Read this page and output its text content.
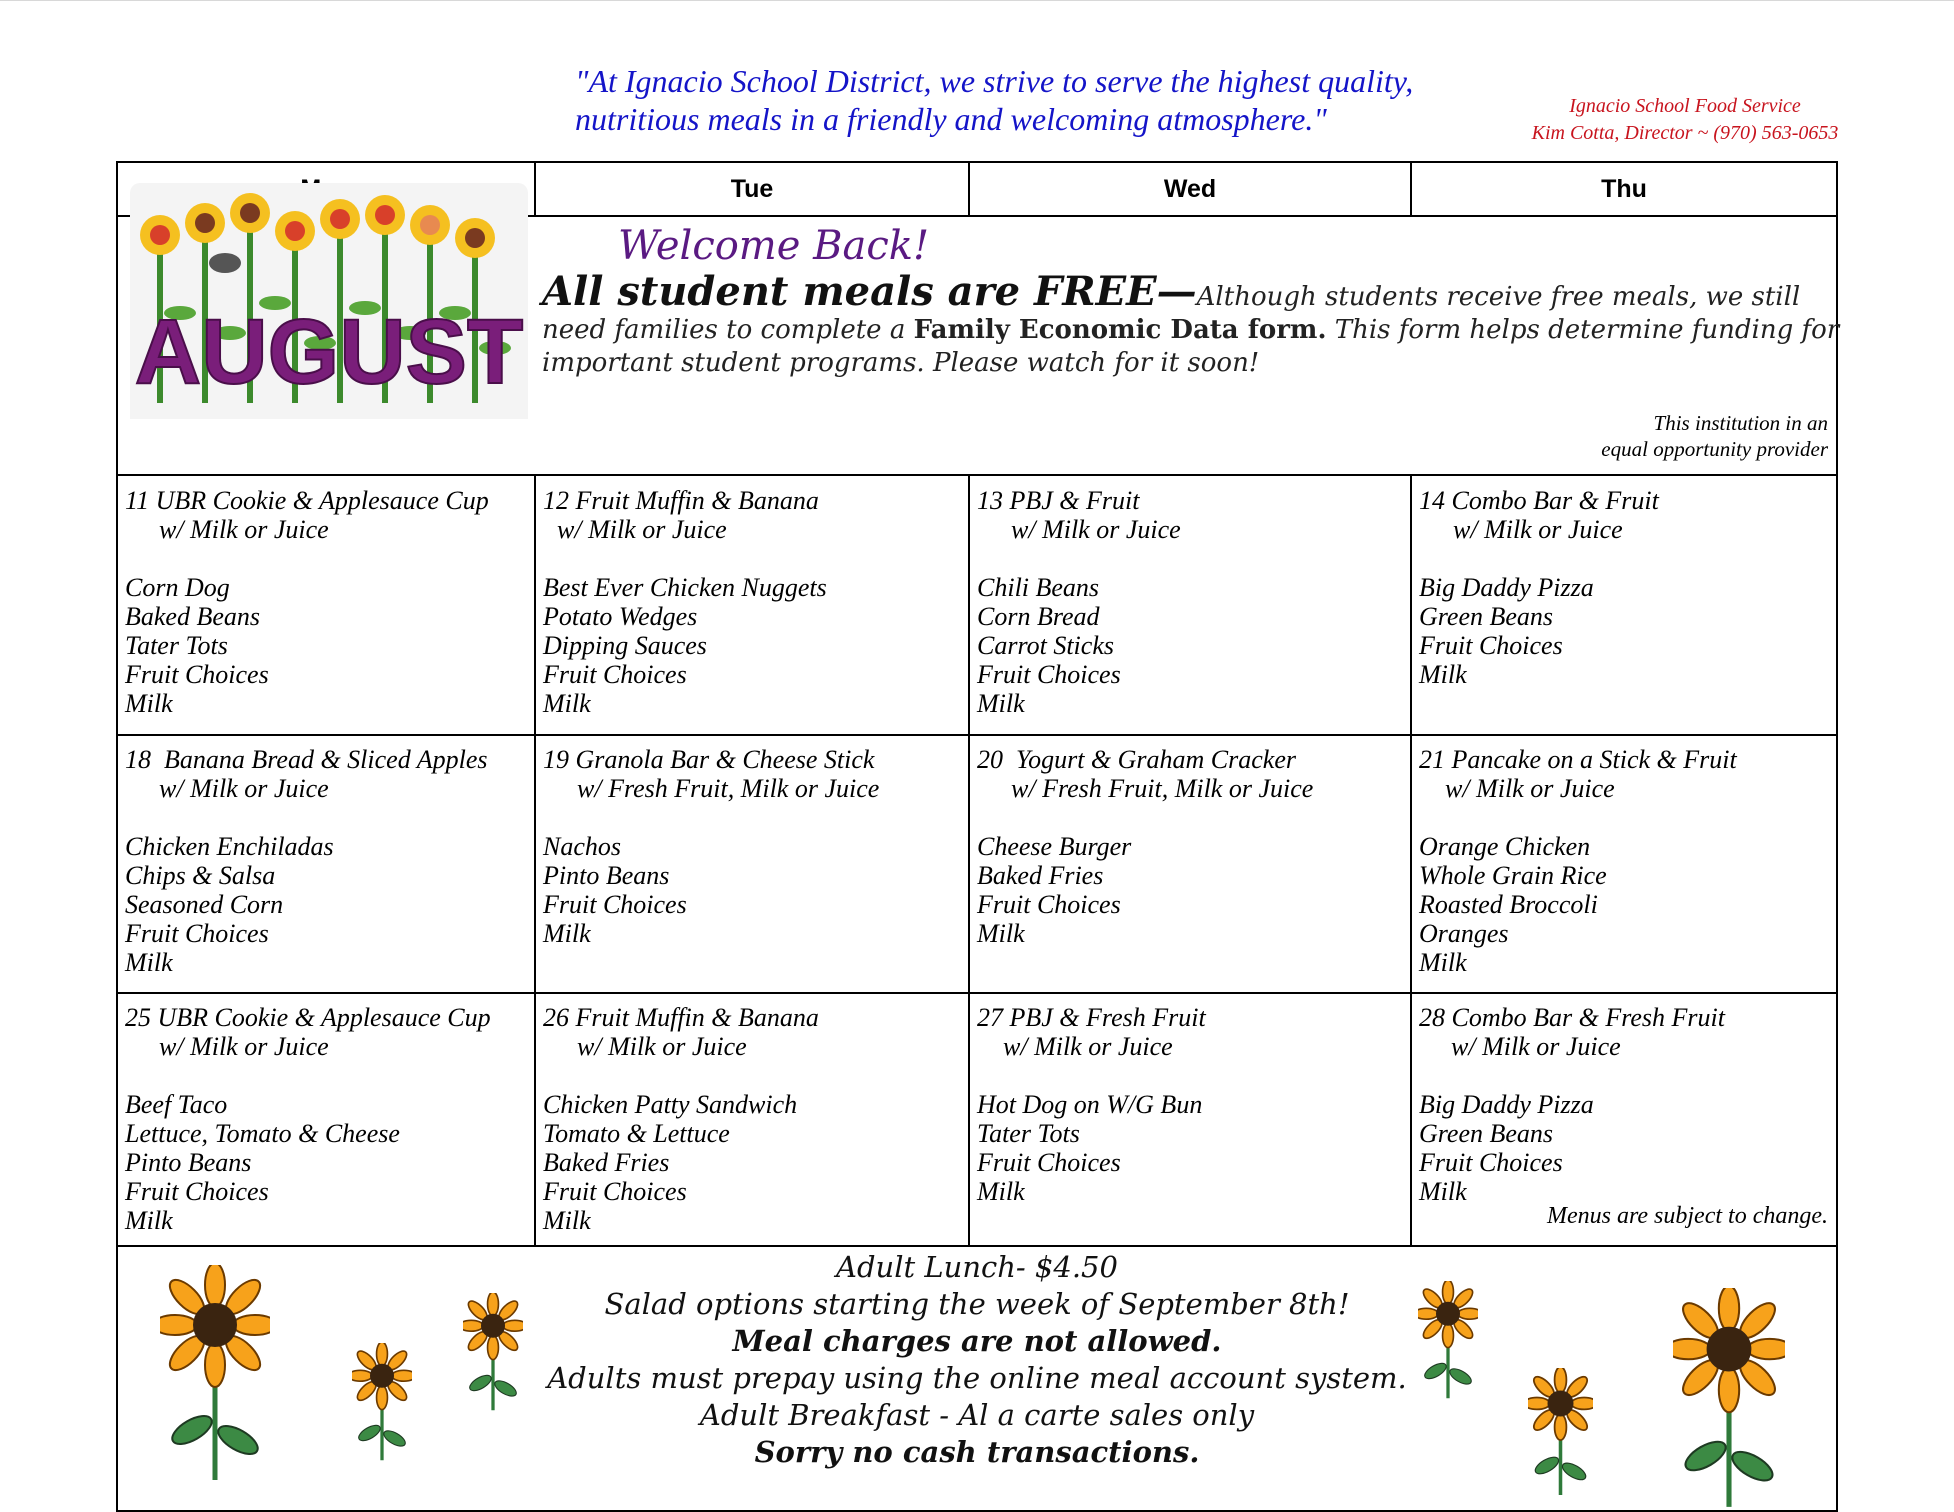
"At Ignacio School District, we strive to serve the highest quality,
nutritious meals in a friendly and welcoming atmosphere."	Ignacio School Food Service
Kim Cotta, Director ~ (970) 563-0653
Tue	Wed	Thu
AUGUST
Welcome Back!
All student meals are FREE—Although students receive free meals, we still
need families to complete a Family Economic Data form. This form helps determine funding for
important student programs. Please watch for it soon!
This institution in an
equal opportunity provider
11 UBR Cookie & Applesauce Cup
w/ Milk or Juice

Corn Dog
Baked Beans
Tater Tots
Fruit Choices
Milk
12 Fruit Muffin & Banana
w/ Milk or Juice

Best Ever Chicken Nuggets
Potato Wedges
Dipping Sauces
Fruit Choices
Milk
13 PBJ & Fruit
w/ Milk or Juice

Chili Beans
Corn Bread
Carrot Sticks
Fruit Choices
Milk
14 Combo Bar & Fruit
w/ Milk or Juice

Big Daddy Pizza
Green Beans
Fruit Choices
Milk
18  Banana Bread & Sliced Apples
w/ Milk or Juice

Chicken Enchiladas
Chips & Salsa
Seasoned Corn
Fruit Choices
Milk
19 Granola Bar & Cheese Stick
w/ Fresh Fruit, Milk or Juice

Nachos
Pinto Beans
Fruit Choices
Milk
20  Yogurt & Graham Cracker
w/ Fresh Fruit, Milk or Juice

Cheese Burger
Baked Fries
Fruit Choices
Milk
21 Pancake on a Stick & Fruit
w/ Milk or Juice

Orange Chicken
Whole Grain Rice
Roasted Broccoli
Oranges
Milk
25 UBR Cookie & Applesauce Cup
w/ Milk or Juice

Beef Taco
Lettuce, Tomato & Cheese
Pinto Beans
Fruit Choices
Milk
26 Fruit Muffin & Banana
w/ Milk or Juice

Chicken Patty Sandwich
Tomato & Lettuce
Baked Fries
Fruit Choices
Milk
27 PBJ & Fresh Fruit
w/ Milk or Juice

Hot Dog on W/G Bun
Tater Tots
Fruit Choices
Milk
28 Combo Bar & Fresh Fruit
w/ Milk or Juice

Big Daddy Pizza
Green Beans
Fruit Choices
Milk
Menus are subject to change.
Adult Lunch- $4.50
Salad options starting the week of September 8th!
Meal charges are not allowed.
Adults must prepay using the online meal account system.
Adult Breakfast - Al a carte sales only
Sorry no cash transactions.
